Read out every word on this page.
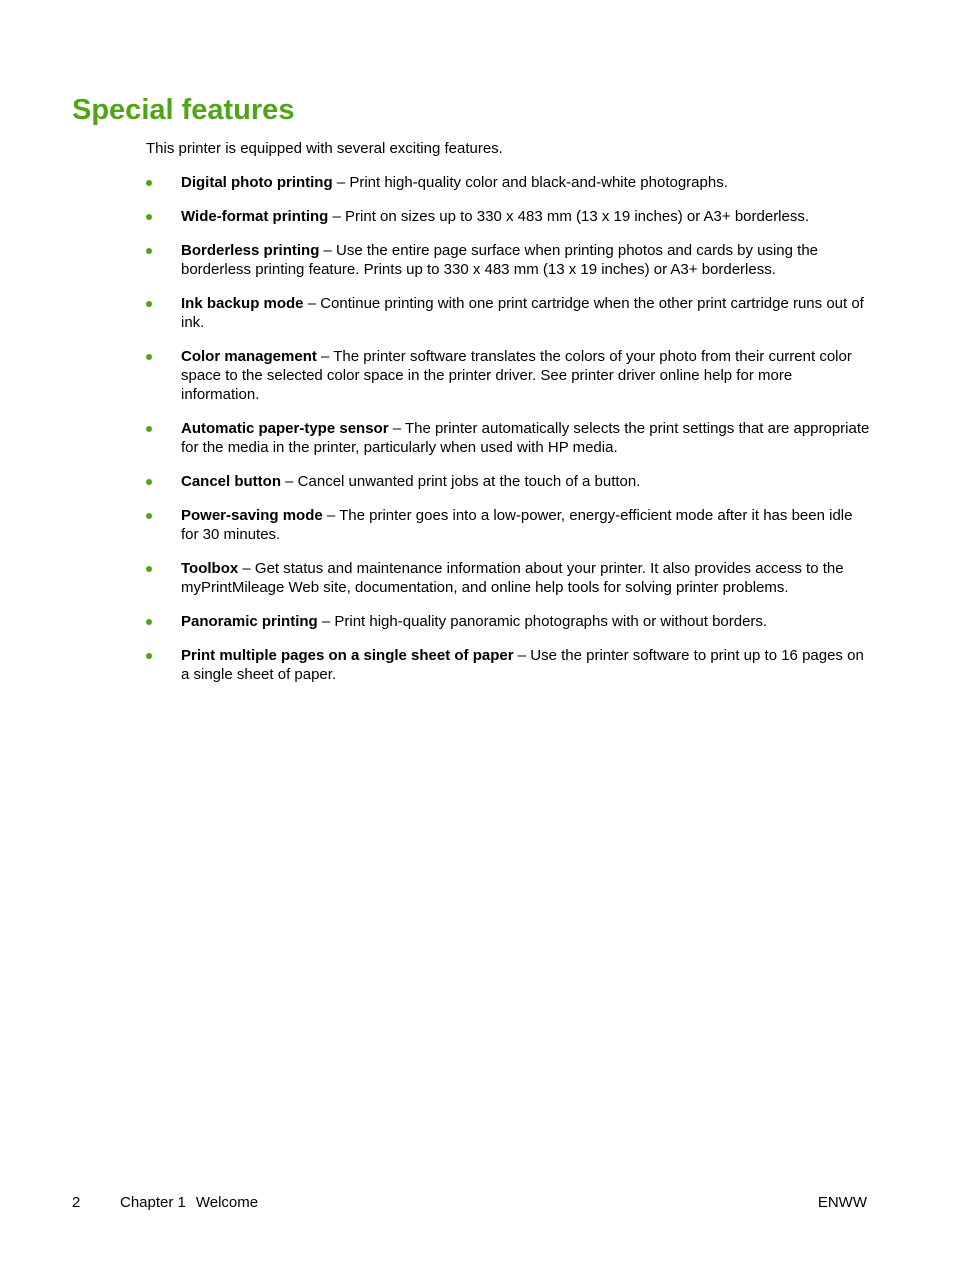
Special features

This printer is equipped with several exciting features.

Digital photo printing – Print high-quality color and black-and-white photographs.
Wide-format printing – Print on sizes up to 330 x 483 mm (13 x 19 inches) or A3+ borderless.
Borderless printing – Use the entire page surface when printing photos and cards by using the borderless printing feature. Prints up to 330 x 483 mm (13 x 19 inches) or A3+ borderless.
Ink backup mode – Continue printing with one print cartridge when the other print cartridge runs out of ink.
Color management – The printer software translates the colors of your photo from their current color space to the selected color space in the printer driver. See printer driver online help for more information.
Automatic paper-type sensor – The printer automatically selects the print settings that are appropriate for the media in the printer, particularly when used with HP media.
Cancel button – Cancel unwanted print jobs at the touch of a button.
Power-saving mode – The printer goes into a low-power, energy-efficient mode after it has been idle for 30 minutes.
Toolbox – Get status and maintenance information about your printer. It also provides access to the myPrintMileage Web site, documentation, and online help tools for solving printer problems.
Panoramic printing – Print high-quality panoramic photographs with or without borders.
Print multiple pages on a single sheet of paper – Use the printer software to print up to 16 pages on a single sheet of paper.

2	Chapter 1 Welcome	ENWW
